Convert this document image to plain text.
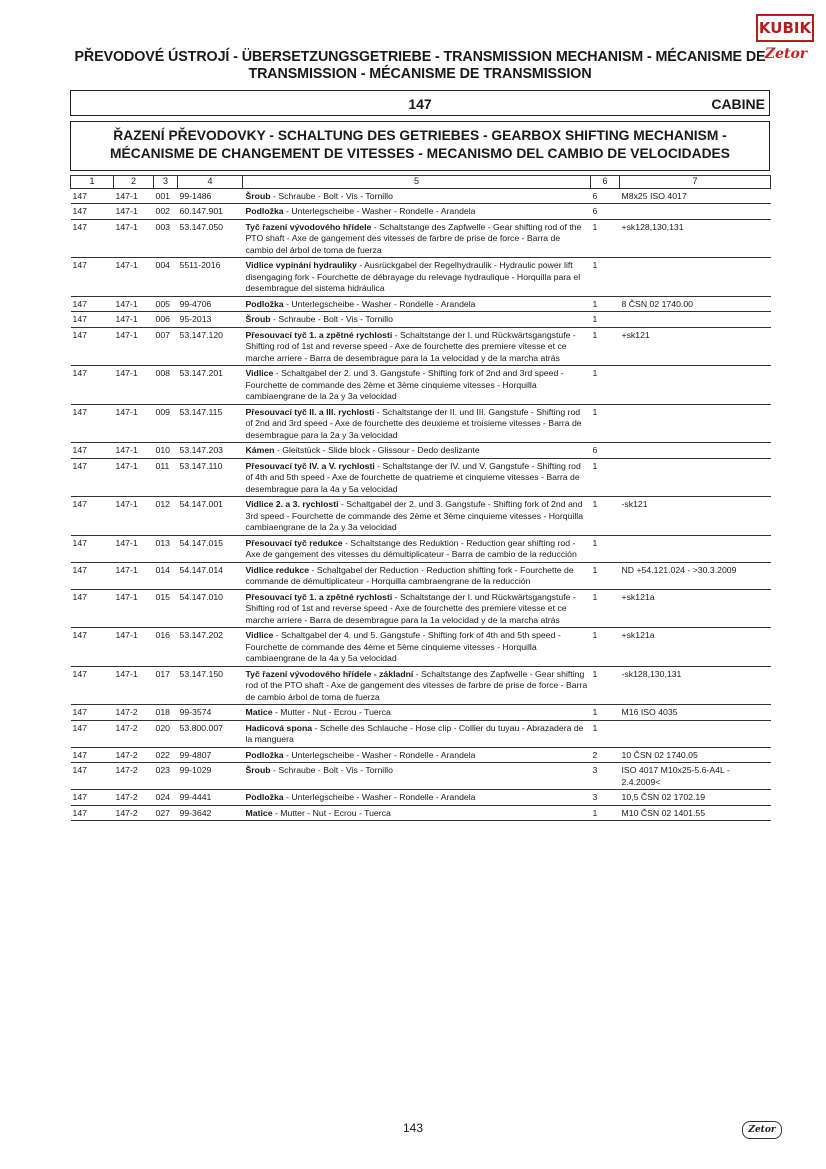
PŘEVODOVÉ ÚSTROJÍ - ÜBERSETZUNGSGETRIEBE - TRANSMISSION MECHANISM - MÉCANISME DE
TRANSMISSION - MÉCANISME DE TRANSMISSION
KUBIK
Zetor
147	CABINE
ŘAZENÍ PŘEVODOVKY - SCHALTUNG DES GETRIEBES - GEARBOX SHIFTING MECHANISM -
MÉCANISME DE CHANGEMENT DE VITESSES - MECANISMO DEL CAMBIO DE VELOCIDADES
1	2	3	4	5	6	7
147	147-1	001	99-1486	Šroub - Schraube - Bolt - Vis - Tornillo	6	M8x25 ISO 4017
147	147-1	002	60.147.901	Podložka - Unterlegscheibe - Washer - Rondelle - Arandela	6	
147	147-1	003	53.147.050	Tyč řazení vývodového hřídele - Schaltstange des Zapfwelle - Gear shifting rod of the PTO shaft - Axe de gangement des vitesses de farbre de prise de force - Barra de cambio del árbol de toma de fuerza	1	+sk128,130,131
147	147-1	004	5511-2016	Vidlice vypínání hydrauliky - Ausrückgabel der Regelhydraulik - Hydraulic power lift disengaging fork - Fourchette de débrayage du relevage hydraulique - Horquilla para el desembrague del sistema hidráulica	1	
147	147-1	005	99-4706	Podložka - Unterlegscheibe - Washer - Rondelle - Arandela	1	8 ČSN 02 1740.00
147	147-1	006	95-2013	Šroub - Schraube - Bolt - Vis - Tornillo	1	
147	147-1	007	53.147.120	Přesouvací tyč 1. a zpětné rychlosti - Schaltstange der I. und Rückwärtsgangstufe - Shifting rod of 1st and reverse speed - Axe de fourchette des premiere vitesse et ce marche arriere - Barra de desembrague para la 1a velocidad y de la marcha atrás	1	+sk121
147	147-1	008	53.147.201	Vidlice - Schaltgabel der 2. und 3. Gangstufe - Shifting fork of 2nd and 3rd speed - Fourchette de commande des 2ème et 3ème cinquieme vitesses - Horquilla cambiaengrane de la 2a y 3a velocidad	1	
147	147-1	009	53.147.115	Přesouvací tyč II. a III. rychlosti - Schaltstange der II. und III. Gangstufe - Shifting rod of 2nd and 3rd speed - Axe de fourchette des deuxieme et troisieme vitesses - Barra de desembrague para la 2a y 3a velocidad	1	
147	147-1	010	53.147.203	Kámen - Gleitstück - Slide block - Glissour - Dedo deslizante	6	
147	147-1	011	53.147.110	Přesouvací tyč IV. a V. rychlosti - Schaltstange der IV. und V. Gangstufe - Shifting rod of 4th and 5th speed - Axe de fourchette de quatrieme et cinquieme vitesses - Barra de desembrague para la 4a y 5a velocidad	1	
147	147-1	012	54.147.001	Vidlice 2. a 3. rychlosti - Schaltgabel der 2. und 3. Gangstufe - Shifting fork of 2nd and 3rd speed - Fourchette de commande des 2ème et 3ème cinquieme vitesses - Horquilla cambiaengrane de la 2a y 3a velocidad	1	-sk121
147	147-1	013	54.147.015	Přesouvací tyč redukce - Schaltstange des Reduktion - Reduction gear shifting rod - Axe de gangement des vitesses du démultiplicateur - Barra de cambio de la reducción	1	
147	147-1	014	54.147.014	Vidlice redukce - Schaltgabel der Reduction - Reduction shifting fork - Fourchette de commande de démultiplicateur - Horquilla cambraengrane de la reducción	1	ND +54.121.024 - >30.3.2009
147	147-1	015	54.147.010	Přesouvací tyč 1. a zpětné rychlosti - Schaltstange der I. und Rückwärtsgangstufe - Shifting rod of 1st and reverse speed - Axe de fourchette des premiere vitesse et ce marche arriere - Barra de desembrague para la 1a velocidad y de la marcha atrás	1	+sk121a
147	147-1	016	53.147.202	Vidlice - Schaltgabel der 4. und 5. Gangstufe - Shifting fork of 4th and 5th speed - Fourchette de commande des 4ème et 5ème cinquieme vitesses - Horquilla cambiaengrane de la 4a y 5a velocidad	1	+sk121a
147	147-1	017	53.147.150	Tyč řazení vývodového hřídele - základní - Schaltstange des Zapfwelle - Gear shifting rod of the PTO shaft - Axe de gangement des vitesses de farbre de prise de force - Barra de cambio árbol de toma de fuerza	1	-sk128,130,131
147	147-2	018	99-3574	Matice - Mutter - Nut - Ecrou - Tuerca	1	M16 ISO 4035
147	147-2	020	53.800.007	Hadicová spona - Schelle des Schlauche - Hose clip - Collier du tuyau - Abrazadera de la manguera	1	
147	147-2	022	99-4807	Podložka - Unterlegscheibe - Washer - Rondelle - Arandela	2	10 ČSN 02 1740.05
147	147-2	023	99-1029	Šroub - Schraube - Bolt - Vis - Tornillo	3	ISO 4017 M10x25-5.6-A4L - 2.4.2009<
147	147-2	024	99-4441	Podložka - Unterlegscheibe - Washer - Rondelle - Arandela	3	10,5 ČSN 02 1702.19
147	147-2	027	99-3642	Matice - Mutter - Nut - Ecrou - Tuerca	1	M10 ČSN 02 1401.55
143	Zetor
